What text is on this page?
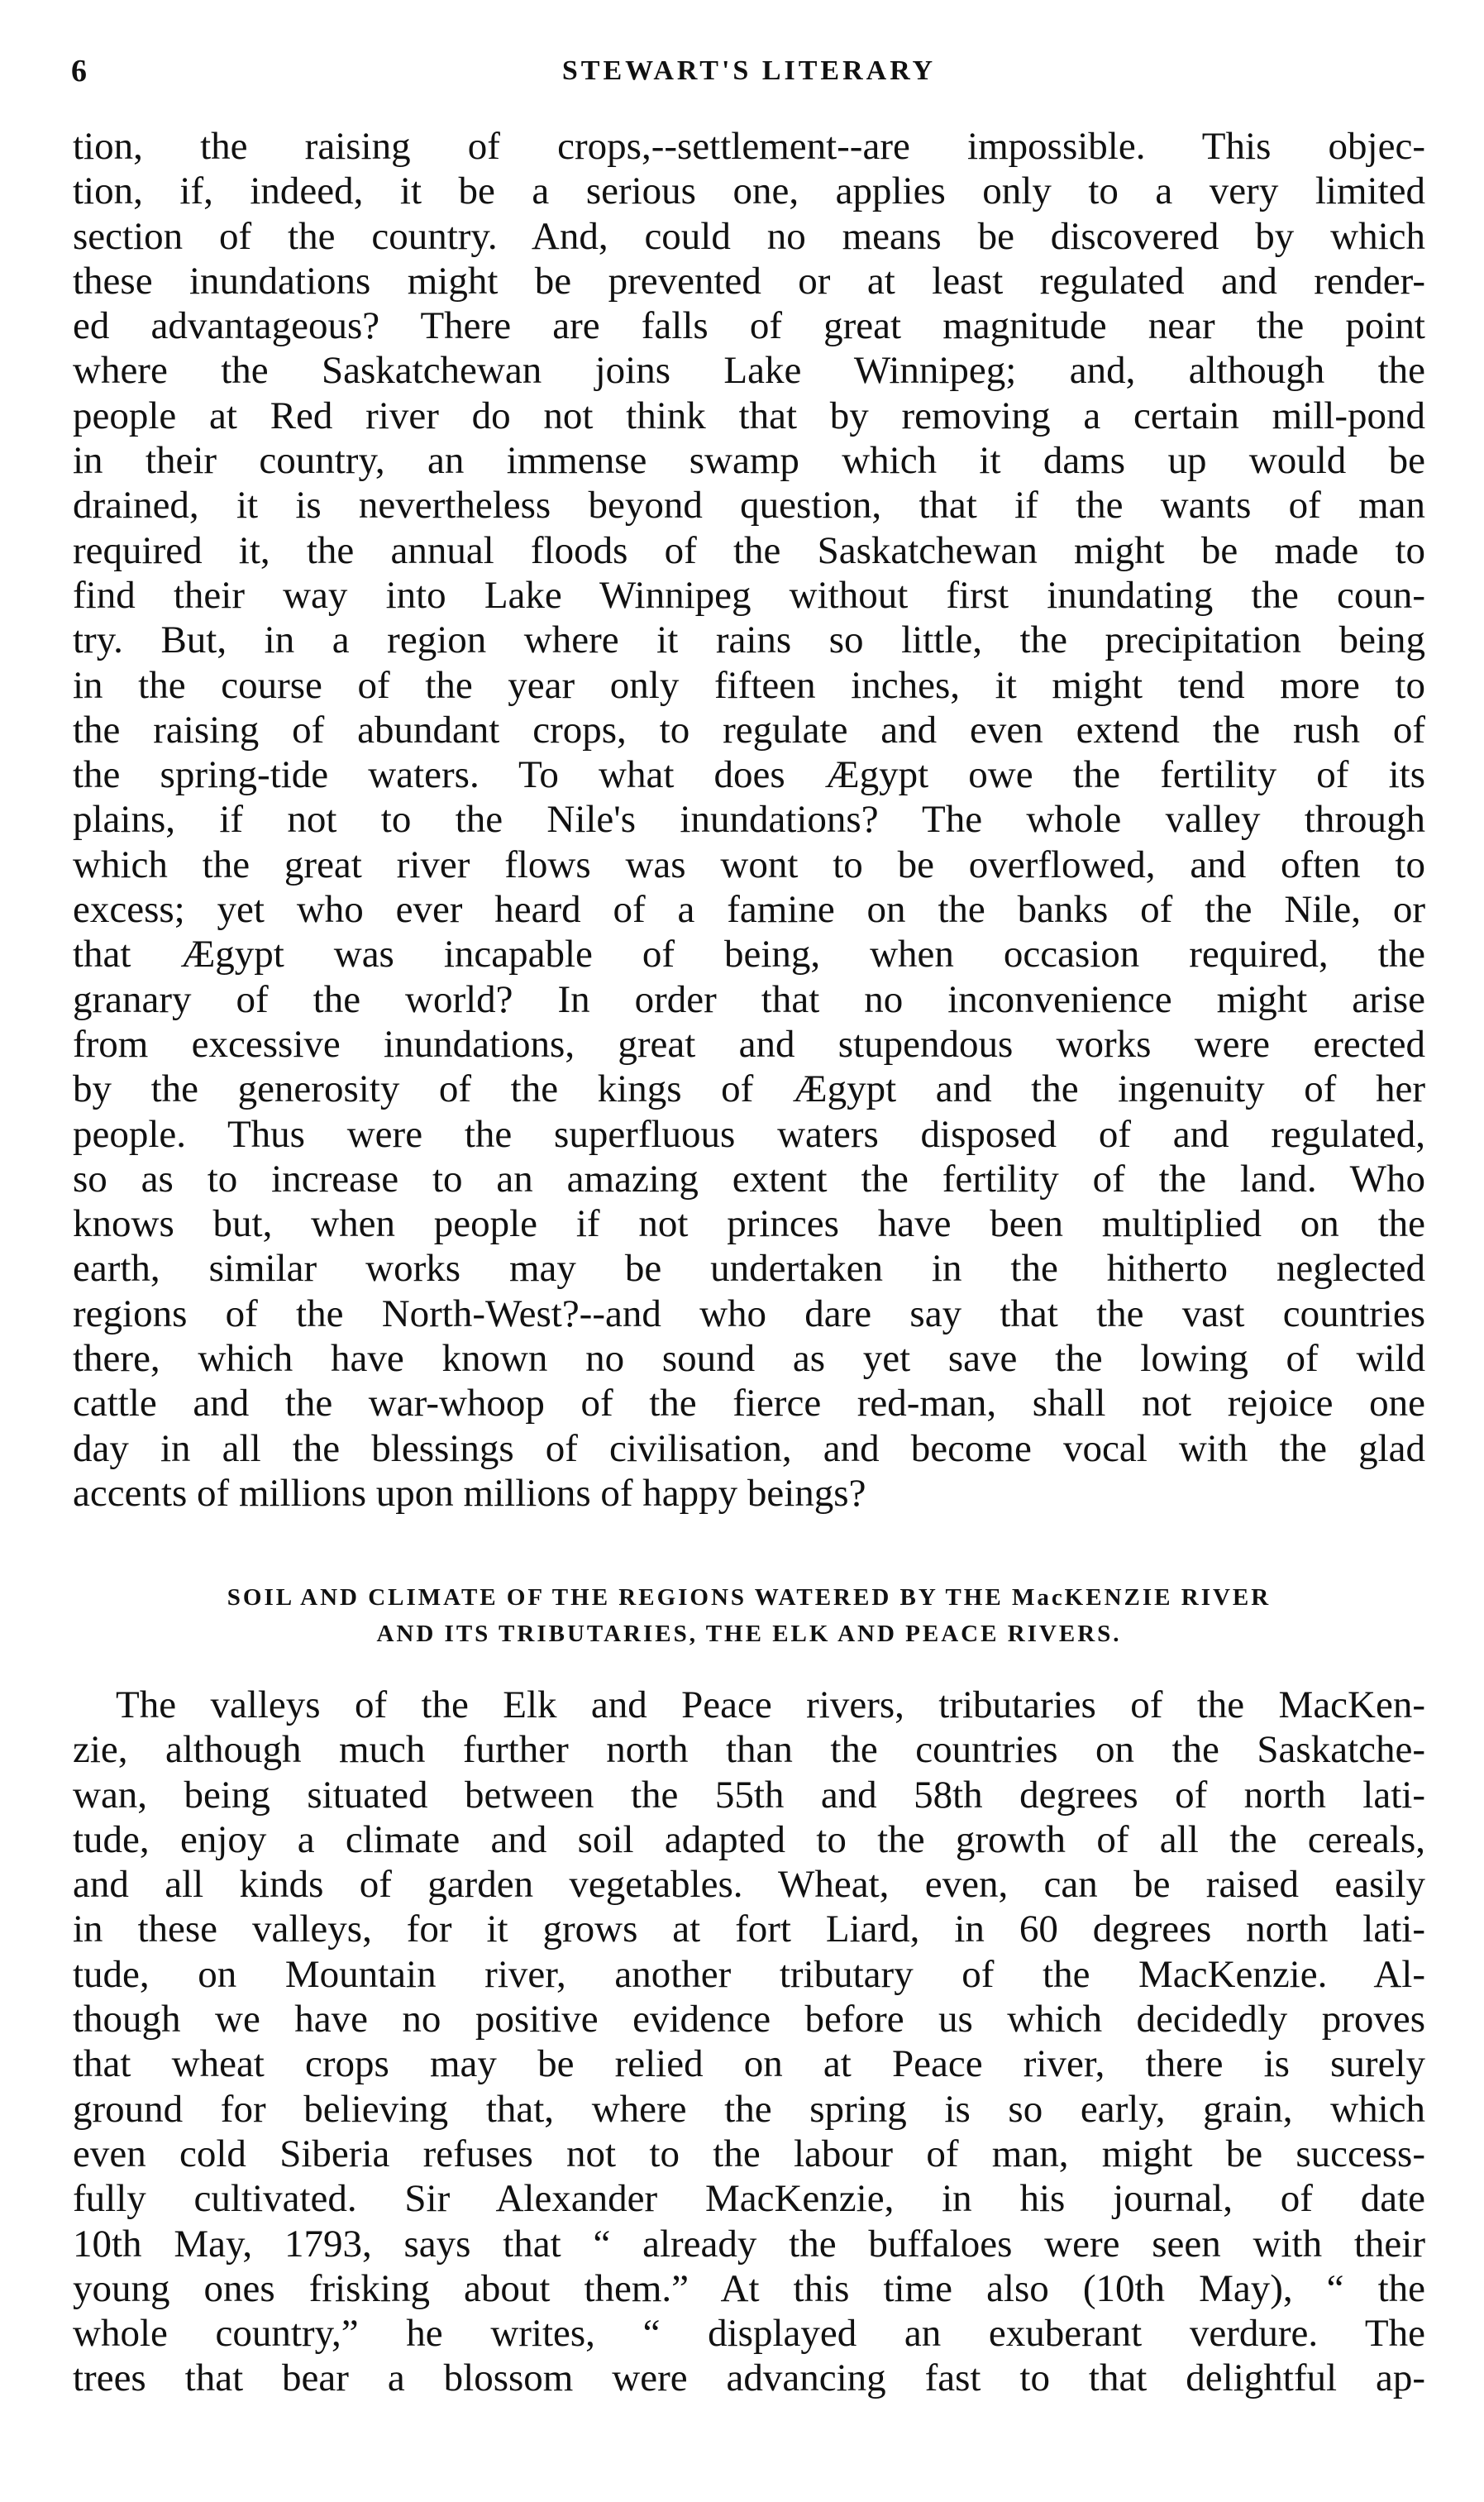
6	STEWART'S LITERARY
tion, the raising of crops,--settlement--are impossible. This objec-
tion, if, indeed, it be a serious one, applies only to a very limited
section of the country. And, could no means be discovered by which
these inundations might be prevented or at least regulated and render-
ed advantageous? There are falls of great magnitude near the point
where the Saskatchewan joins Lake Winnipeg; and, although the
people at Red river do not think that by removing a certain mill-pond
in their country, an immense swamp which it dams up would be
drained, it is nevertheless beyond question, that if the wants of man
required it, the annual floods of the Saskatchewan might be made to
find their way into Lake Winnipeg without first inundating the coun-
try. But, in a region where it rains so little, the precipitation being
in the course of the year only fifteen inches, it might tend more to
the raising of abundant crops, to regulate and even extend the rush of
the spring-tide waters. To what does Ægypt owe the fertility of its
plains, if not to the Nile's inundations? The whole valley through
which the great river flows was wont to be overflowed, and often to
excess; yet who ever heard of a famine on the banks of the Nile, or
that Ægypt was incapable of being, when occasion required, the
granary of the world? In order that no inconvenience might arise
from excessive inundations, great and stupendous works were erected
by the generosity of the kings of Ægypt and the ingenuity of her
people. Thus were the superfluous waters disposed of and regulated,
so as to increase to an amazing extent the fertility of the land. Who
knows but, when people if not princes have been multiplied on the
earth, similar works may be undertaken in the hitherto neglected
regions of the North-West?--and who dare say that the vast countries
there, which have known no sound as yet save the lowing of wild
cattle and the war-whoop of the fierce red-man, shall not rejoice one
day in all the blessings of civilisation, and become vocal with the glad
accents of millions upon millions of happy beings?
SOIL AND CLIMATE OF THE REGIONS WATERED BY THE MacKENZIE RIVER
AND ITS TRIBUTARIES, THE ELK AND PEACE RIVERS.
The valleys of the Elk and Peace rivers, tributaries of the MacKen-
zie, although much further north than the countries on the Saskatche-
wan, being situated between the 55th and 58th degrees of north lati-
tude, enjoy a climate and soil adapted to the growth of all the cereals,
and all kinds of garden vegetables. Wheat, even, can be raised easily
in these valleys, for it grows at fort Liard, in 60 degrees north lati-
tude, on Mountain river, another tributary of the MacKenzie. Al-
though we have no positive evidence before us which decidedly proves
that wheat crops may be relied on at Peace river, there is surely
ground for believing that, where the spring is so early, grain, which
even cold Siberia refuses not to the labour of man, might be success-
fully cultivated. Sir Alexander MacKenzie, in his journal, of date
10th May, 1793, says that “ already the buffaloes were seen with their
young ones frisking about them.” At this time also (10th May), “ the
whole country,” he writes, “ displayed an exuberant verdure. The
trees that bear a blossom were advancing fast to that delightful ap-
